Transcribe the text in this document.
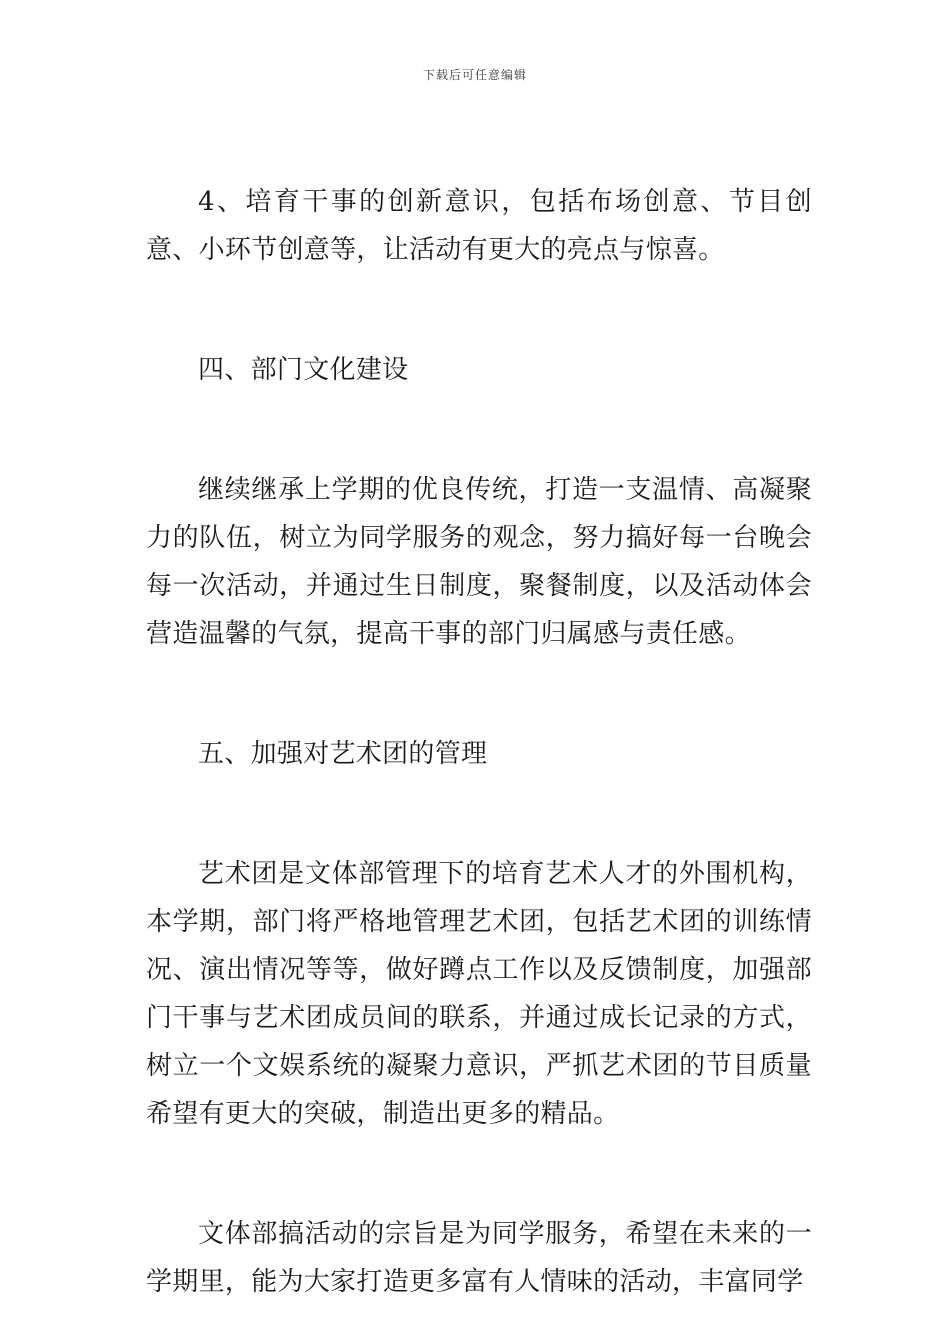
下载后可任意编辑

4、培育干事的创新意识，包括布场创意、节目创意、小环节创意等，让活动有更大的亮点与惊喜。

四、部门文化建设

继续继承上学期的优良传统，打造一支温情、高凝聚力的队伍，树立为同学服务的观念，努力搞好每一台晚会每一次活动，并通过生日制度，聚餐制度，以及活动体会营造温馨的气氛，提高干事的部门归属感与责任感。

五、加强对艺术团的管理

艺术团是文体部管理下的培育艺术人才的外围机构，本学期，部门将严格地管理艺术团，包括艺术团的训练情况、演出情况等等，做好蹲点工作以及反馈制度，加强部门干事与艺术团成员间的联系，并通过成长记录的方式，树立一个文娱系统的凝聚力意识，严抓艺术团的节目质量希望有更大的突破，制造出更多的精品。

文体部搞活动的宗旨是为同学服务，希望在未来的一学期里，能为大家打造更多富有人情味的活动，丰富同学
